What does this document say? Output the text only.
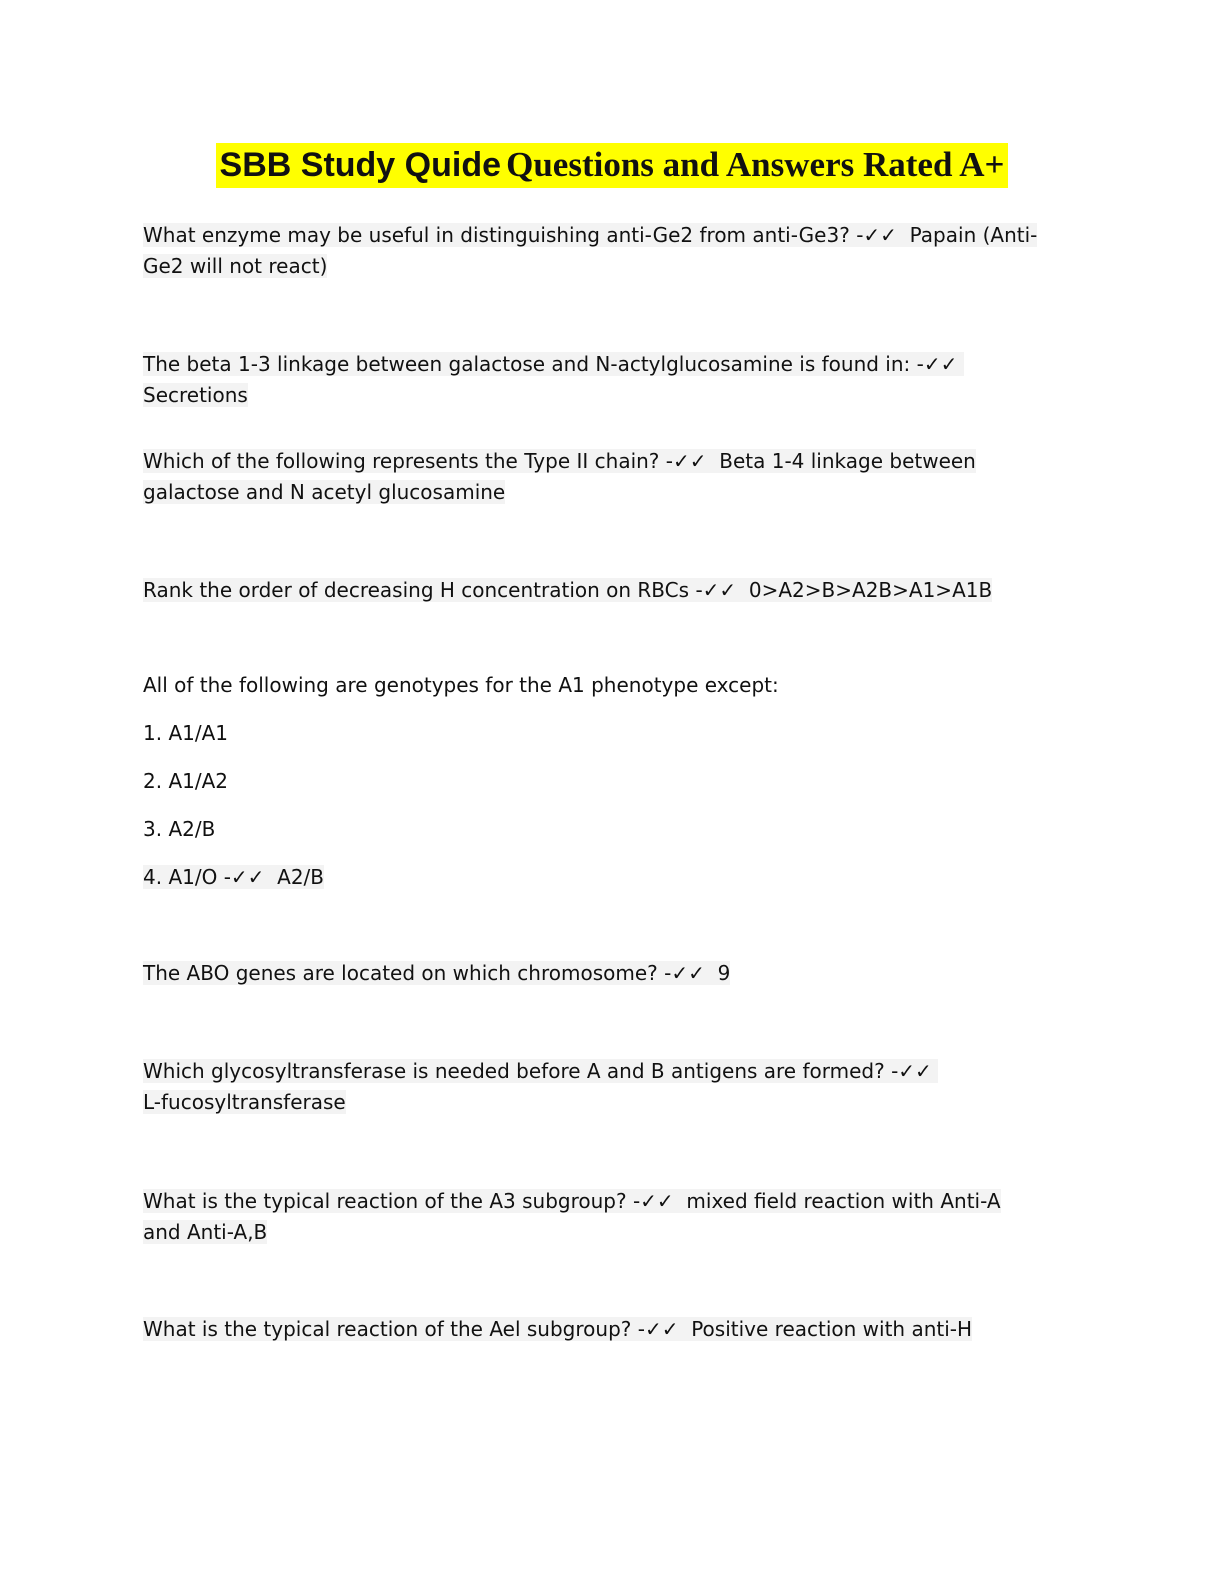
SBB Study Quide Questions and Answers Rated A+
What enzyme may be useful in distinguishing anti-Ge2 from anti-Ge3? -✓✓ Papain (Anti-Ge2 will not react)
The beta 1-3 linkage between galactose and N-actylglucosamine is found in: -✓✓  Secretions
Which of the following represents the Type II chain? -✓✓ Beta 1-4 linkage between galactose and N acetyl glucosamine
Rank the order of decreasing H concentration on RBCs -✓✓ 0>A2>B>A2B>A1>A1B
All of the following are genotypes for the A1 phenotype except:
1. A1/A1
2. A1/A2
3. A2/B
4. A1/O -✓✓ A2/B
The ABO genes are located on which chromosome? -✓✓ 9
Which glycosyltransferase is needed before A and B antigens are formed? -✓✓  L-fucosyltransferase
What is the typical reaction of the A3 subgroup? -✓✓ mixed field reaction with Anti-A and Anti-A,B
What is the typical reaction of the Ael subgroup? -✓✓ Positive reaction with anti-H
